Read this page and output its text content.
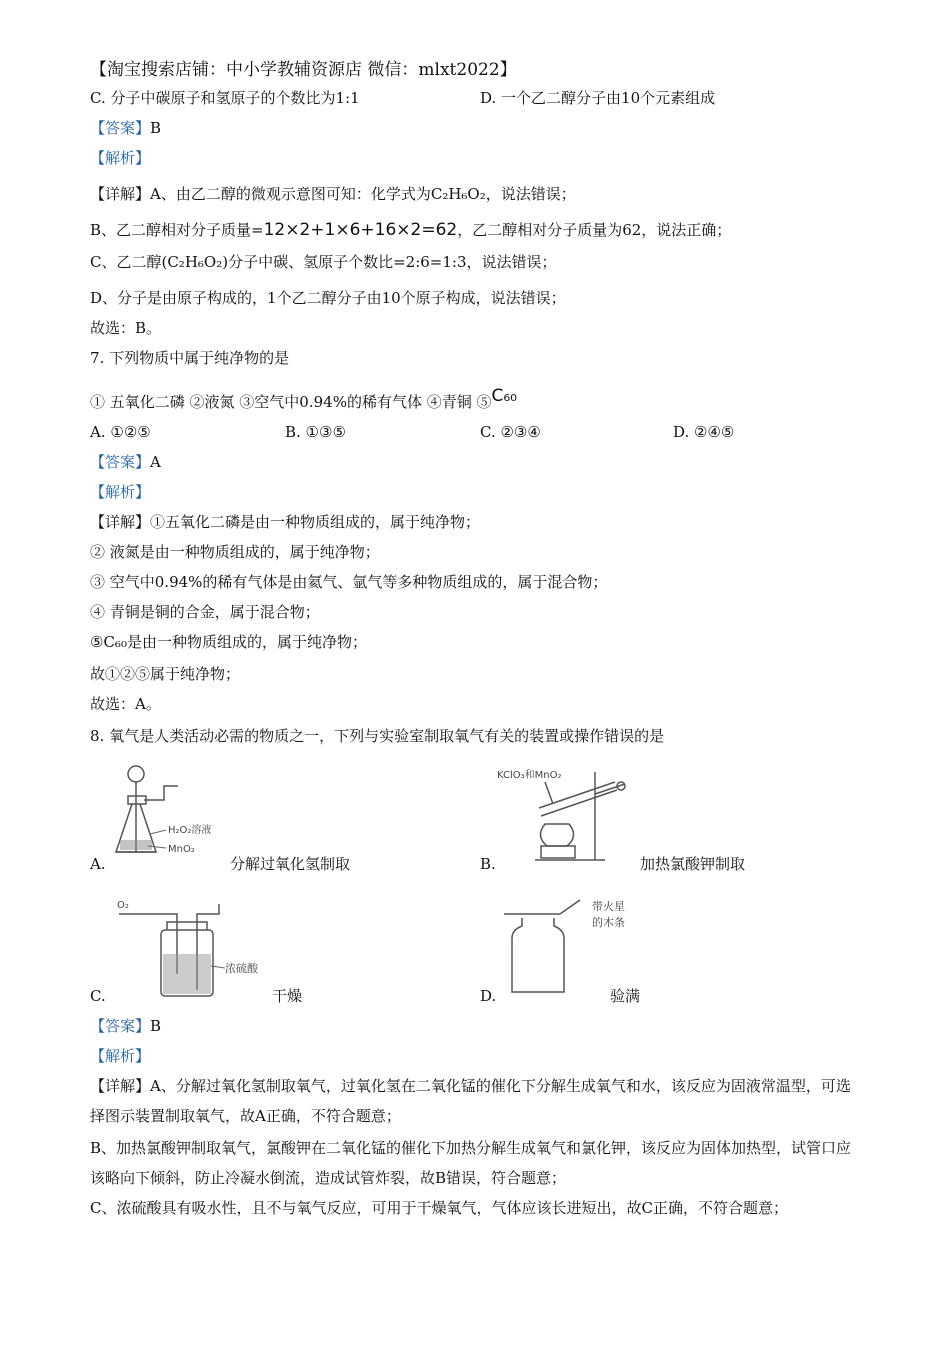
【淘宝搜索店铺：中小学教辅资源店 微信：mlxt2022】
C. 分子中碳原子和氢原子的个数比为1:1	D. 一个乙二醇分子由10个元素组成
【答案】B
【解析】
【详解】A、由乙二醇的微观示意图可知：化学式为C₂H₆O₂，说法错误；
B、乙二醇相对分子质量=12×2+1×6+16×2=62，乙二醇相对分子质量为62，说法正确；
C、乙二醇(C₂H₆O₂)分子中碳、氢原子个数比=2:6=1:3，说法错误；
D、分子是由原子构成的，1个乙二醇分子由10个原子构成，说法错误；
故选：B。
7. 下列物质中属于纯净物的是
① 五氧化二磷 ②液氮 ③空气中0.94%的稀有气体 ④青铜 ⑤C₆₀
A. ①②⑤	B. ①③⑤	C. ②③④	D. ②④⑤
【答案】A
【解析】
【详解】①五氧化二磷是由一种物质组成的，属于纯净物；
② 液氮是由一种物质组成的，属于纯净物；
③ 空气中0.94%的稀有气体是由氦气、氩气等多种物质组成的，属于混合物；
④ 青铜是铜的合金，属于混合物；
⑤C₆₀是由一种物质组成的，属于纯净物；
故①②⑤属于纯净物；
故选：A。
8. 氧气是人类活动必需的物质之一，下列与实验室制取氧气有关的装置或操作错误的是
H₂O₂溶液
MnO₂
A.	分解过氧化氢制取
KClO₃和MnO₂
B.	加热氯酸钾制取
O₂
浓硫酸
C.	干燥
带火星
的木条
D.	验满
【答案】B
【解析】
【详解】A、分解过氧化氢制取氧气，过氧化氢在二氧化锰的催化下分解生成氧气和水，该反应为固液常温型，可选择图示装置制取氧气，故A正确，不符合题意；
B、加热氯酸钾制取氧气，氯酸钾在二氧化锰的催化下加热分解生成氧气和氯化钾，该反应为固体加热型，试管口应该略向下倾斜，防止冷凝水倒流，造成试管炸裂，故B错误，符合题意；
C、浓硫酸具有吸水性，且不与氧气反应，可用于干燥氧气，气体应该长进短出，故C正确，不符合题意；
